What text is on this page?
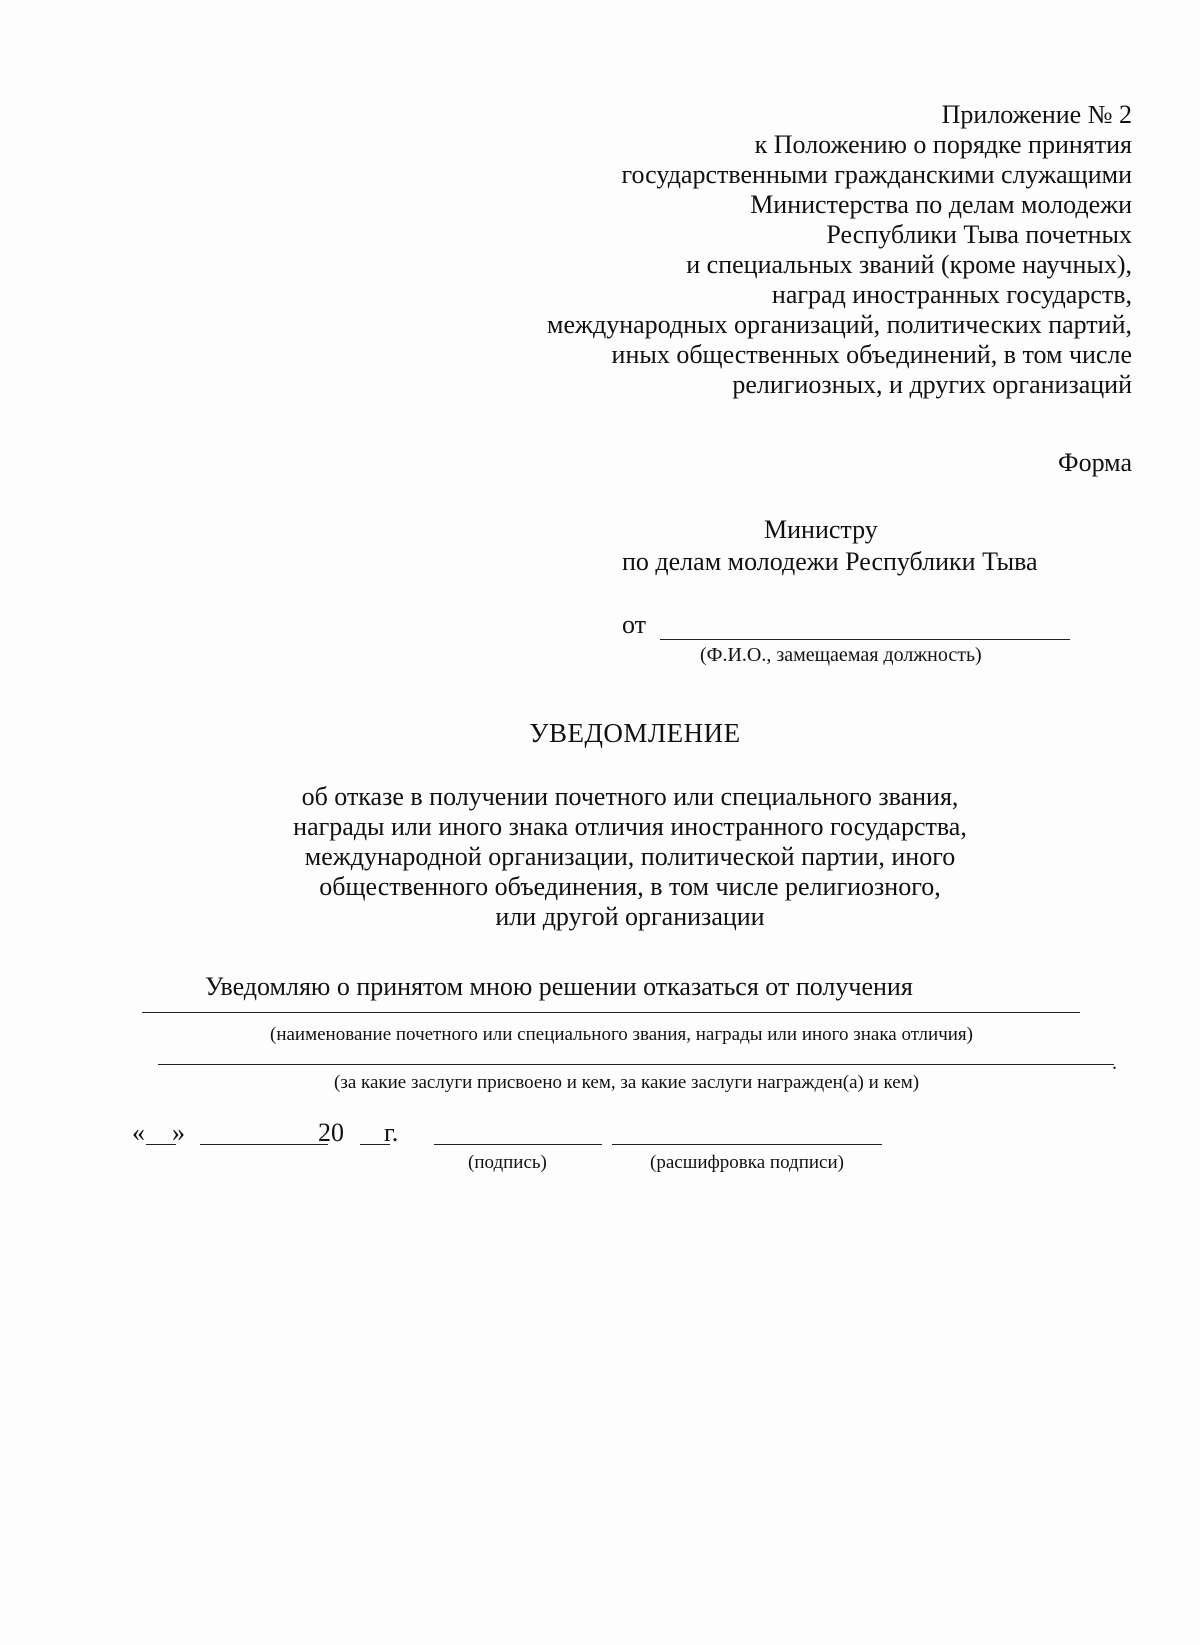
Приложение № 2
к Положению о порядке принятия
государственными гражданскими служащими
Министерства по делам молодежи
Республики Тыва почетных
и специальных званий (кроме научных),
наград иностранных государств,
международных организаций, политических партий,
иных общественных объединений, в том числе
религиозных, и других организаций
Форма
Министру
по делам молодежи Республики Тыва
от
(Ф.И.О., замещаемая должность)
УВЕДОМЛЕНИЕ
об отказе в получении почетного или специального звания,
награды или иного знака отличия иностранного государства,
международной организации, политической партии, иного
общественного объединения, в том числе религиозного,
или другой организации
Уведомляю о принятом мною решении отказаться от получения
(наименование почетного или специального звания, награды или иного знака отличия)
.
(за какие заслуги присвоено и кем, за какие заслуги награжден(а) и кем)
« »	20 г.
(подпись)	(расшифровка подписи)
